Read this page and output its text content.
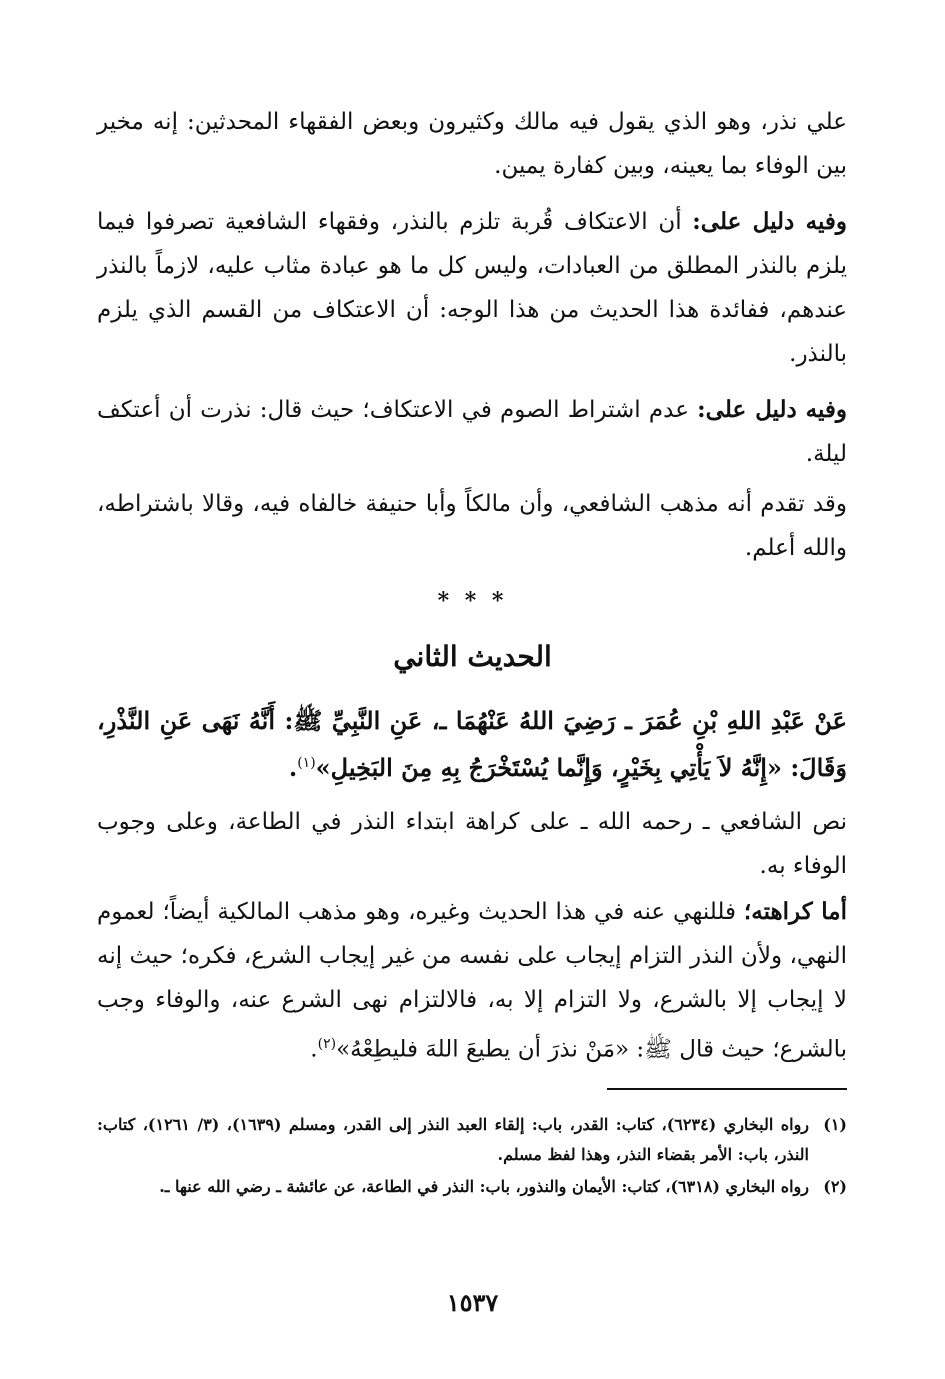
علي نذر، وهو الذي يقول فيه مالك وكثيرون وبعض الفقهاء المحدثين: إنه مخير بين الوفاء بما يعينه، وبين كفارة يمين.
وفيه دليل على: أن الاعتكاف قُربة تلزم بالنذر، وفقهاء الشافعية تصرفوا فيما يلزم بالنذر المطلق من العبادات، وليس كل ما هو عبادة مثاب عليه، لازماً بالنذر عندهم، ففائدة هذا الحديث من هذا الوجه: أن الاعتكاف من القسم الذي يلزم بالنذر.
وفيه دليل على: عدم اشتراط الصوم في الاعتكاف؛ حيث قال: نذرت أن أعتكف ليلة.
وقد تقدم أنه مذهب الشافعي، وأن مالكاً وأبا حنيفة خالفاه فيه، وقالا باشتراطه، والله أعلم.
* * *
الحديث الثاني
عَنْ عَبْدِ اللهِ بْنِ عُمَرَ ـ رَضِيَ اللهُ عَنْهُمَا ـ، عَنِ النَّبِيِّ ﷺ: أَنَّهُ نَهَى عَنِ النَّذْرِ، وَقَالَ: «إِنَّهُ لاَ يَأْتِي بِخَيْرٍ، وَإِنَّما يُسْتَخْرَجُ بِهِ مِنَ البَخِيلِ»$^{(١)}$.
نص الشافعي ـ رحمه الله ـ على كراهة ابتداء النذر في الطاعة، وعلى وجوب الوفاء به.
أما كراهته؛ فللنهي عنه في هذا الحديث وغيره، وهو مذهب المالكية أيضاً؛ لعموم النهي، ولأن النذر التزام إيجاب على نفسه من غير إيجاب الشرع، فكره؛ حيث إنه لا إيجاب إلا بالشرع، ولا التزام إلا به، فالالتزام نهى الشرع عنه، والوفاء وجب بالشرع؛ حيث قال ﷺ: «مَنْ نذرَ أن يطيعَ اللهَ فليطِعْهُ»$^{(٢)}$.
(١)
رواه البخاري (٦٢٣٤)، كتاب: القدر، باب: إلقاء العبد النذر إلى القدر، ومسلم (١٦٣٩)، (٣/ ١٢٦١)، كتاب: النذر، باب: الأمر بقضاء النذر، وهذا لفظ مسلم.
(٢)
رواه البخاري (٦٣١٨)، كتاب: الأيمان والنذور، باب: النذر في الطاعة، عن عائشة ـ رضي الله عنها ـ.
١٥٣٧
